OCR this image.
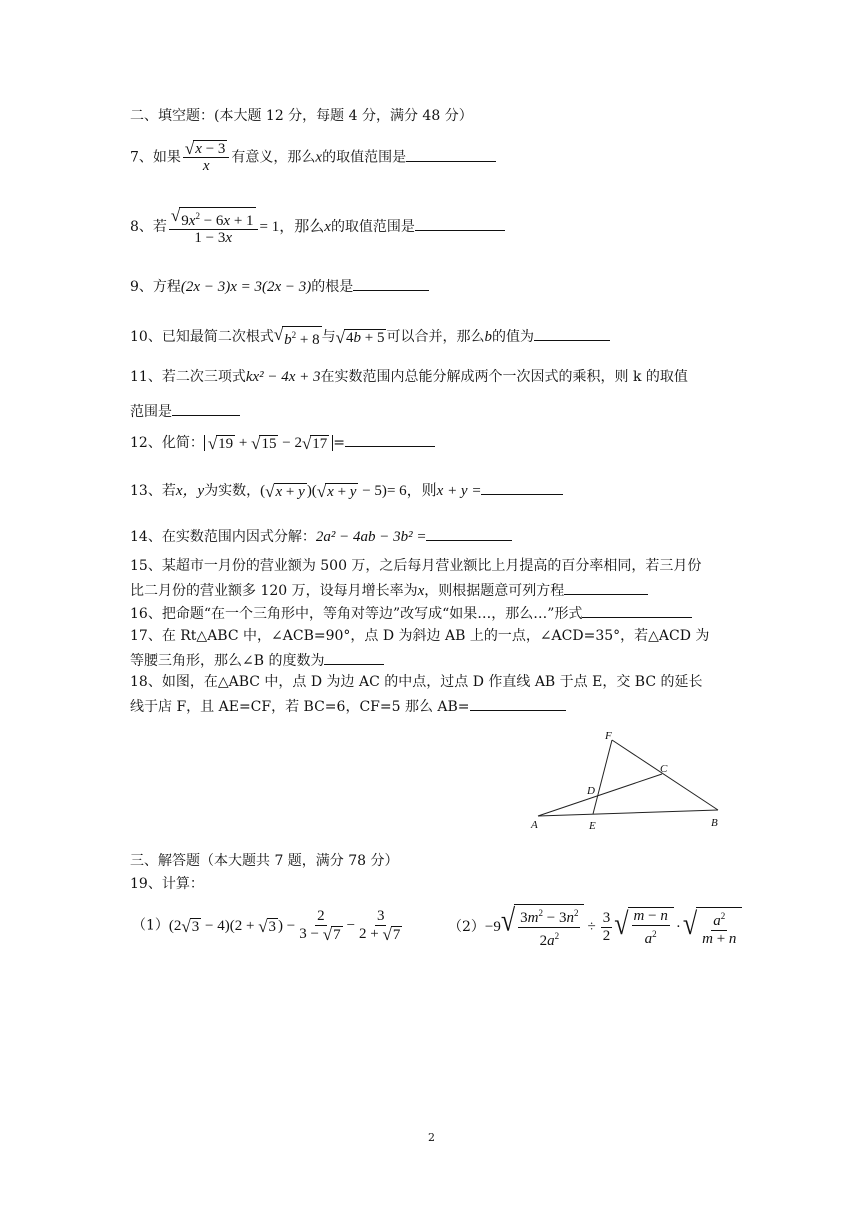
二、填空题：(本大题 12 分，每题 4 分，满分 48 分）
7、如果 $\frac{√ x - 3}{x}$ 有意义，那么x的取值范围是
8、若 $\frac{√ 9x^2 - 6x + 1}{1 - 3x} = 1$，那么x的取值范围是
9、方程(2x − 3)x = 3(2x − 3)的根是
10、已知最简二次根式 √ $b^2 + 8$ 与 √ 4b + 5 可以合并，那么b的值为
11、若二次三项式kx² − 4x + 3在实数范围内总能分解成两个一次因式的乘积，则 k 的取值
范围是
12、化简： √ 19 + √ 15 − 2 √ 17 =
13、若x，y为实数，( √ x + y )( √ x + y − 5)= 6，则x + y =
14、在实数范围内因式分解：2a² − 4ab − 3b² =
15、某超市一月份的营业额为 500 万，之后每月营业额比上月提高的百分率相同，若三月份
比二月份的营业额多 120 万，设每月增长率为x，则根据题意可列方程
16、把命题“在一个三角形中，等角对等边”改写成“如果…，那么…”形式
17、在 Rt△ABC 中，∠ACB=90°，点 D 为斜边 AB 上的一点，∠ACD=35°，若△ACD 为
等腰三角形，那么∠B 的度数为
18、如图，在△ABC 中，点 D 为边 AC 的中点，过点 D 作直线 AB 于点 E，交 BC 的延长
线于店 F，且 AE=CF，若 BC=6，CF=5 那么 AB=
F
C
D
A	E	B
三、解答题（本大题共 7 题，满分 78 分）
19、计算：
（1）(2 √ 3 − 4)(2 + √ 3 ) − $\frac{2}{3 - √ 7} - \frac{3}{2 + √ 7}$	（2）−9 √ $\frac{3m^2 - 3n^2}{2a^2} \div \frac{3}{2}$ √ $\frac{m - n}{a^2}$ · √ $\frac{a^2}{m + n}$
2
